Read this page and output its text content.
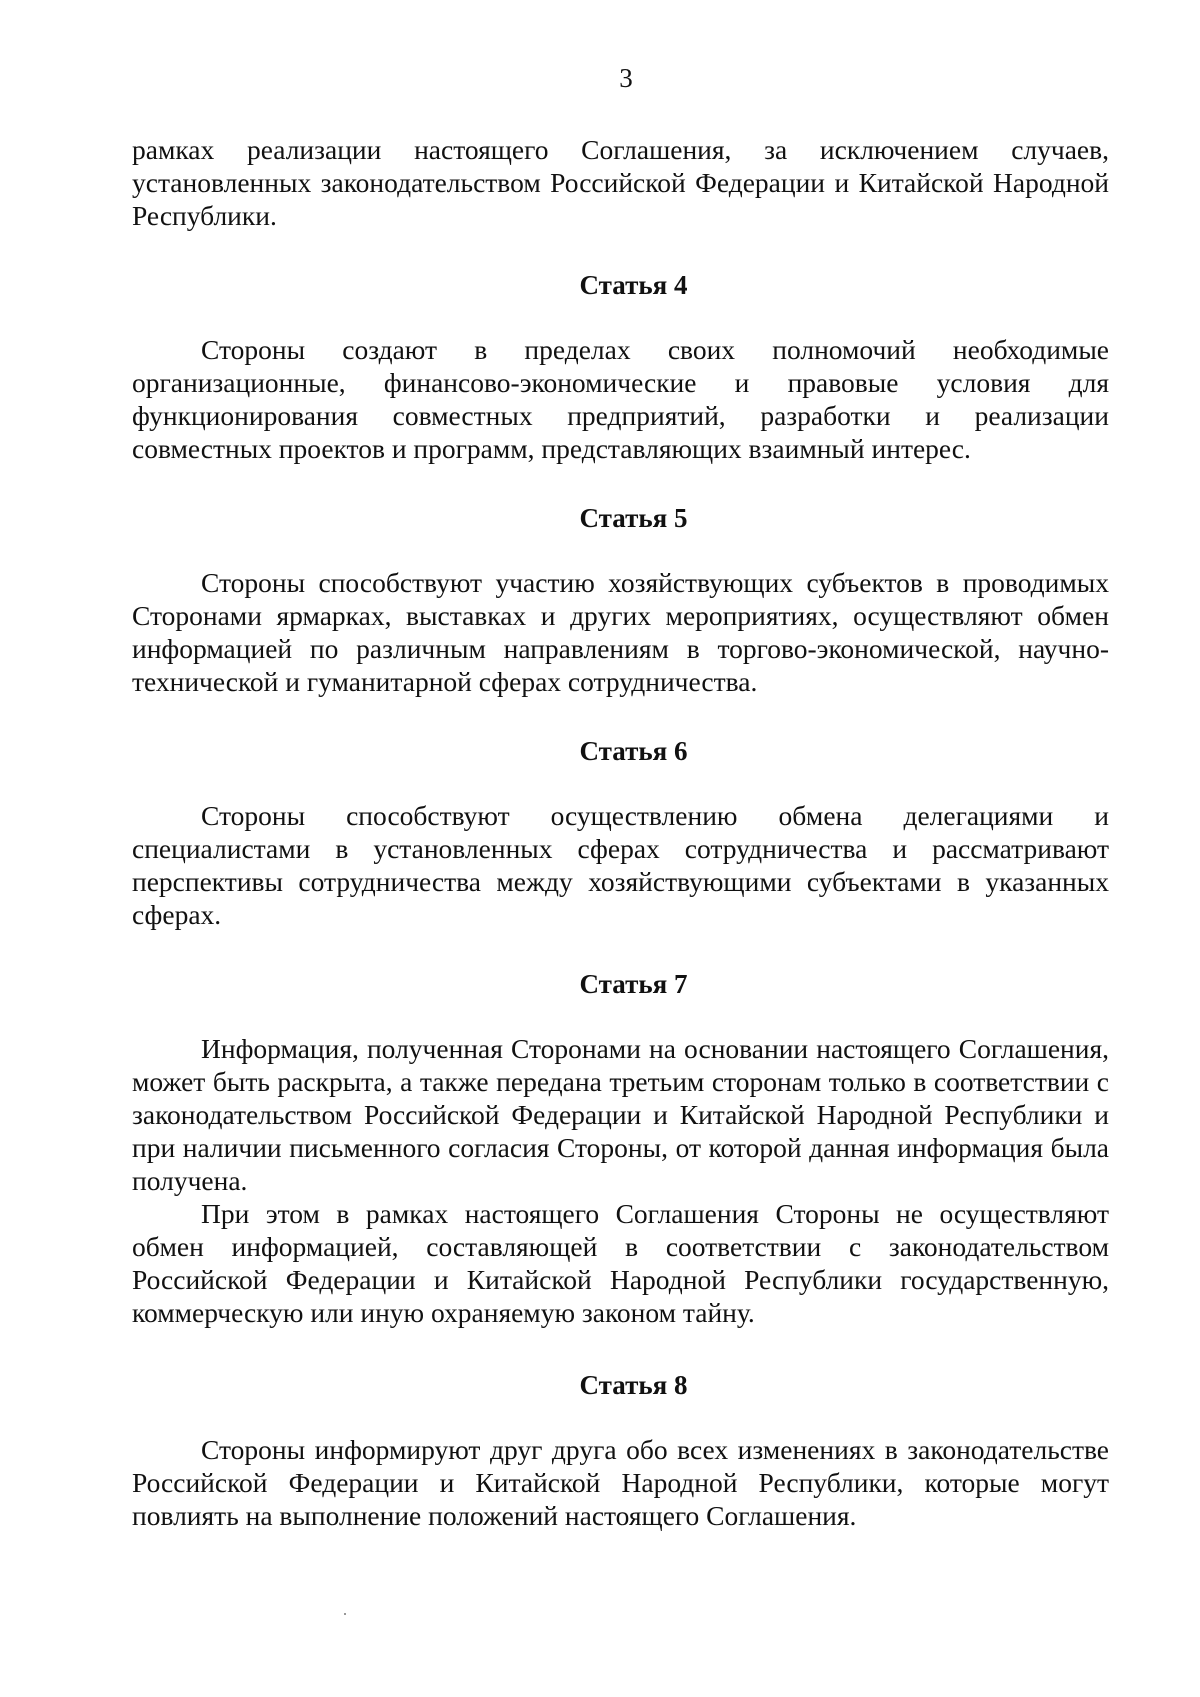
3

рамках реализации настоящего Соглашения, за исключением случаев, установленных законодательством Российской Федерации и Китайской Народной Республики.

Статья 4

Стороны создают в пределах своих полномочий необходимые организационные, финансово-экономические и правовые условия для функционирования совместных предприятий, разработки и реализации совместных проектов и программ, представляющих взаимный интерес.

Статья 5

Стороны способствуют участию хозяйствующих субъектов в проводимых Сторонами ярмарках, выставках и других мероприятиях, осуществляют обмен информацией по различным направлениям в торгово-экономической, научно-технической и гуманитарной сферах сотрудничества.

Статья 6

Стороны способствуют осуществлению обмена делегациями и специалистами в установленных сферах сотрудничества и рассматривают перспективы сотрудничества между хозяйствующими субъектами в указанных сферах.

Статья 7

Информация, полученная Сторонами на основании настоящего Соглашения, может быть раскрыта, а также передана третьим сторонам только в соответствии с законодательством Российской Федерации и Китайской Народной Республики и при наличии письменного согласия Стороны, от которой данная информация была получена.

При этом в рамках настоящего Соглашения Стороны не осуществляют обмен информацией, составляющей в соответствии с законодательством Российской Федерации и Китайской Народной Республики государственную, коммерческую или иную охраняемую законом тайну.

Статья 8

Стороны информируют друг друга обо всех изменениях в законодательстве Российской Федерации и Китайской Народной Республики, которые могут повлиять на выполнение положений настоящего Соглашения.
